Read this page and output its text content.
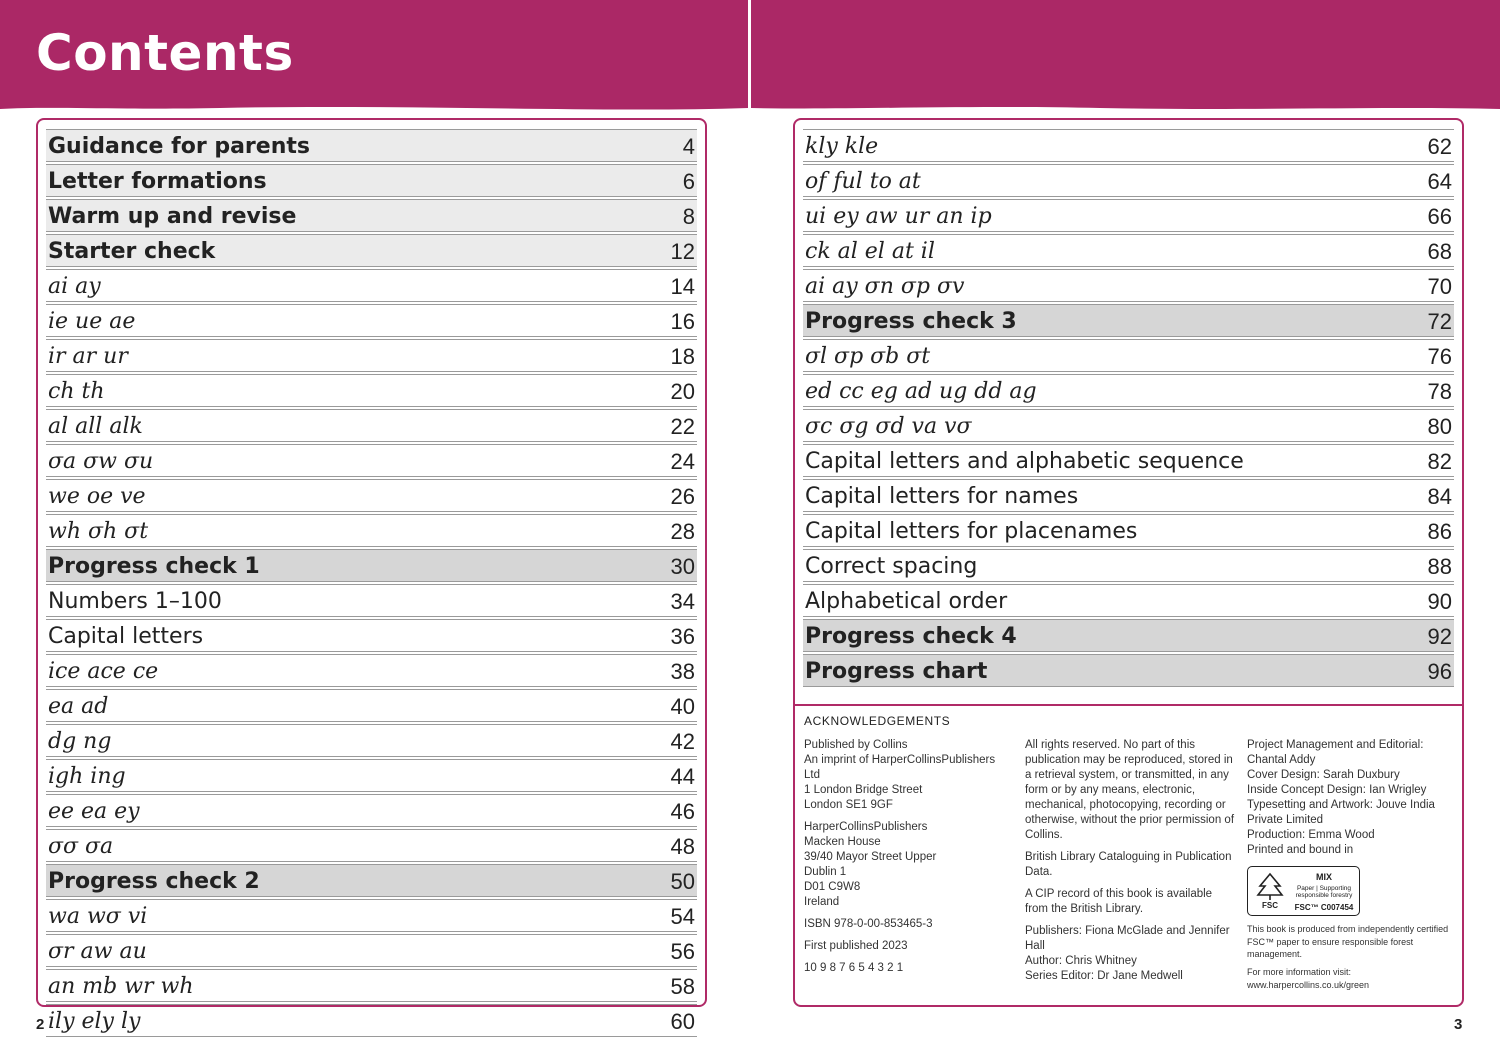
Contents
Guidance for parents	4
Letter formations	6
Warm up and revise	8
Starter check	12
ai ay	14
ie ue ae	16
ir ar ur	18
ch th	20
al all alk	22
σa σw σu	24
we oe ve	26
wh σh σt	28
Progress check 1	30
Numbers 1–100	34
Capital letters	36
ice ace ce	38
ea ad	40
dg ng	42
igh ing	44
ee ea ey	46
σσ σa	48
Progress check 2	50
wa wσ vi	54
σr aw au	56
an mb wr wh	58
ily ely ly	60
kly kle	62
of ful to at	64
ui ey aw ur an ip	66
ck al el at il	68
ai ay σn σp σv	70
Progress check 3	72
σl σp σb σt	76
ed cc eg ad ug dd ag	78
σc σg σd va vσ	80
Capital letters and alphabetic sequence	82
Capital letters for names	84
Capital letters for placenames	86
Correct spacing	88
Alphabetical order	90
Progress check 4	92
Progress chart	96
ACKNOWLEDGEMENTS

Published by Collins
An imprint of HarperCollinsPublishers Ltd
1 London Bridge Street
London SE1 9GF

HarperCollinsPublishers
Macken House
39/40 Mayor Street Upper
Dublin 1
D01 C9W8
Ireland

ISBN 978-0-00-853465-3

First published 2023

10 9 8 7 6 5 4 3 2 1

All rights reserved. No part of this publication may be reproduced, stored in a retrieval system, or transmitted, in any form or by any means, electronic, mechanical, photocopying, recording or otherwise, without the prior permission of Collins.

British Library Cataloguing in Publication Data.

A CIP record of this book is available from the British Library.

Publishers: Fiona McGlade and Jennifer Hall
Author: Chris Whitney
Series Editor: Dr Jane Medwell

Project Management and Editorial: Chantal Addy
Cover Design: Sarah Duxbury
Inside Concept Design: Ian Wrigley
Typesetting and Artwork: Jouve India Private Limited
Production: Emma Wood
Printed and bound in

FSC
MIX
Paper | Supporting responsible forestry
FSC™ C007454
This book is produced from independently certified FSC™ paper to ensure responsible forest management.
For more information visit: www.harpercollins.co.uk/green

2	3
